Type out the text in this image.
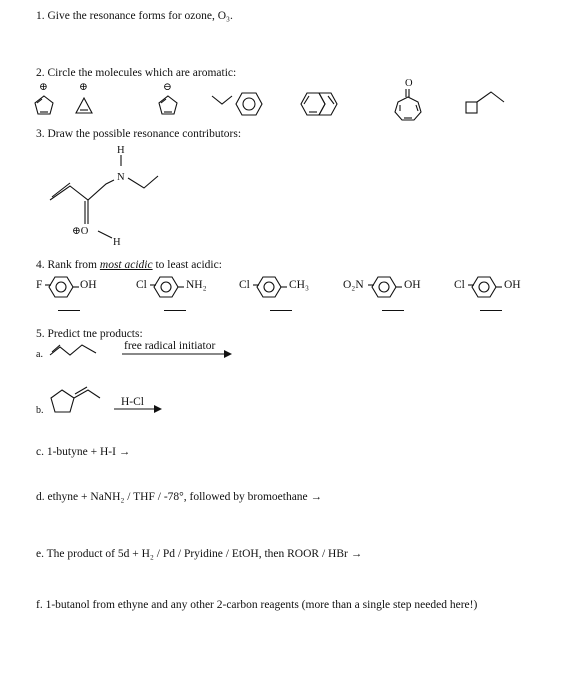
1. Give the resonance forms for ozone, O₃.
2. Circle the molecules which are aromatic:
⊕	⊕	⊖	O
3. Draw the possible resonance contributors:
H
N
⊕O
H
4. Rank from most acidic to least acidic:
F	OH	Cl	NH₂	Cl	CH₃	O₂N	OH	Cl	OH
5. Predict tne products:
a.
free radical initiator
b.
H-Cl
c. 1-butyne + H-I →
d. ethyne + NaNH₂ / THF / -78°, followed by bromoethane →
e. The product of 5d + H₂ / Pd / Pryidine / EtOH, then ROOR / HBr →
f. 1-butanol from ethyne and any other 2-carbon reagents (more than a single step needed here!)
